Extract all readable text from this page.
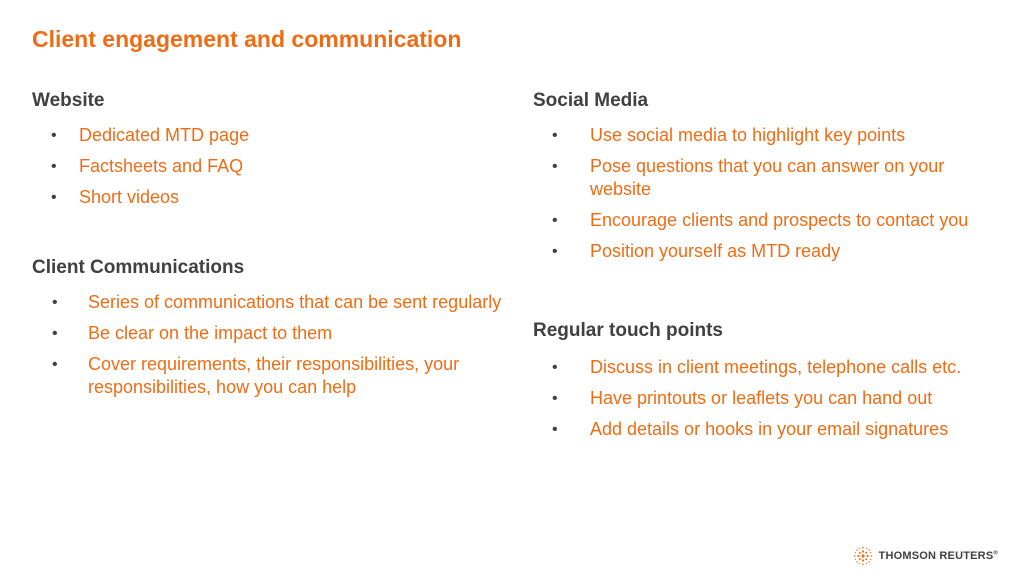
Client engagement and communication
Website
• Dedicated MTD page
• Factsheets and FAQ
• Short videos
Client Communications
• Series of communications that can be sent regularly
• Be clear on the impact to them
• Cover requirements, their responsibilities, your responsibilities, how you can help
Social Media
• Use social media to highlight key points
• Pose questions that you can answer on your website
• Encourage clients and prospects to contact you
• Position yourself as MTD ready
Regular touch points
• Discuss in client meetings, telephone calls etc.
• Have printouts or leaflets you can hand out
• Add details or hooks in your email signatures
THOMSON REUTERS®
